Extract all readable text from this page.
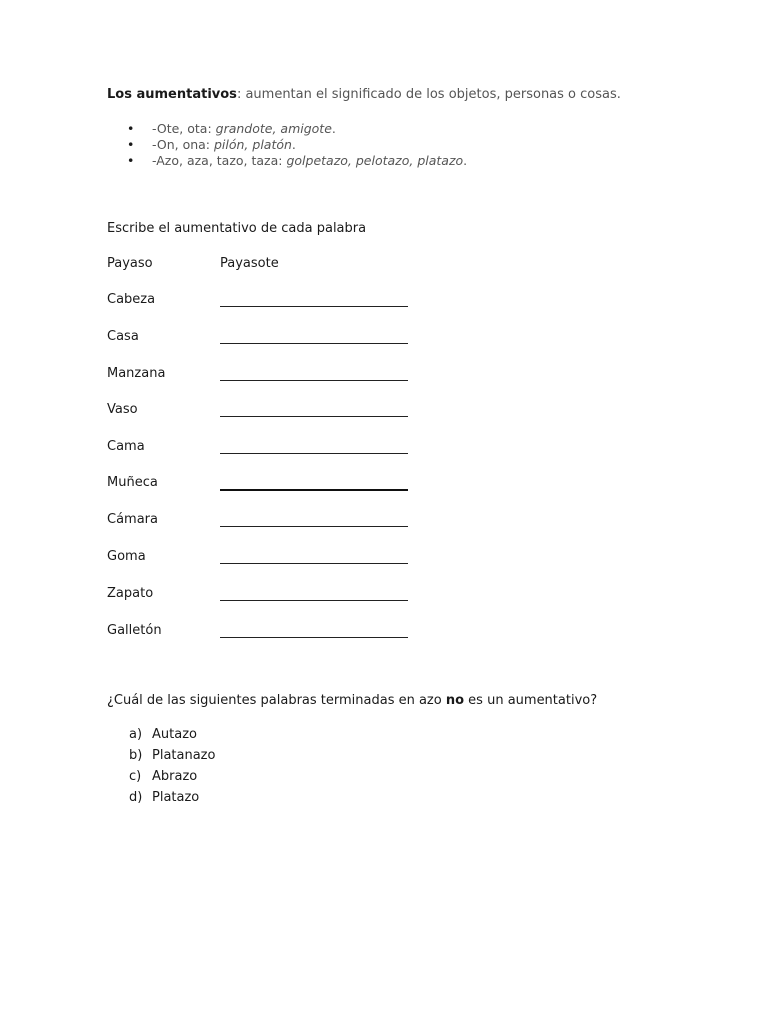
Los aumentativos: aumentan el significado de los objetos, personas o cosas.
• -Ote, ota: grandote, amigote.
• -On, ona: pilón, platón.
• -Azo, aza, tazo, taza: golpetazo, pelotazo, platazo.
Escribe el aumentativo de cada palabra
Payaso	Payasote
Cabeza
Casa
Manzana
Vaso
Cama
Muñeca
Cámara
Goma
Zapato
Galletón
¿Cuál de las siguientes palabras terminadas en azo no es un aumentativo?
a) Autazo
b) Platanazo
c) Abrazo
d) Platazo
